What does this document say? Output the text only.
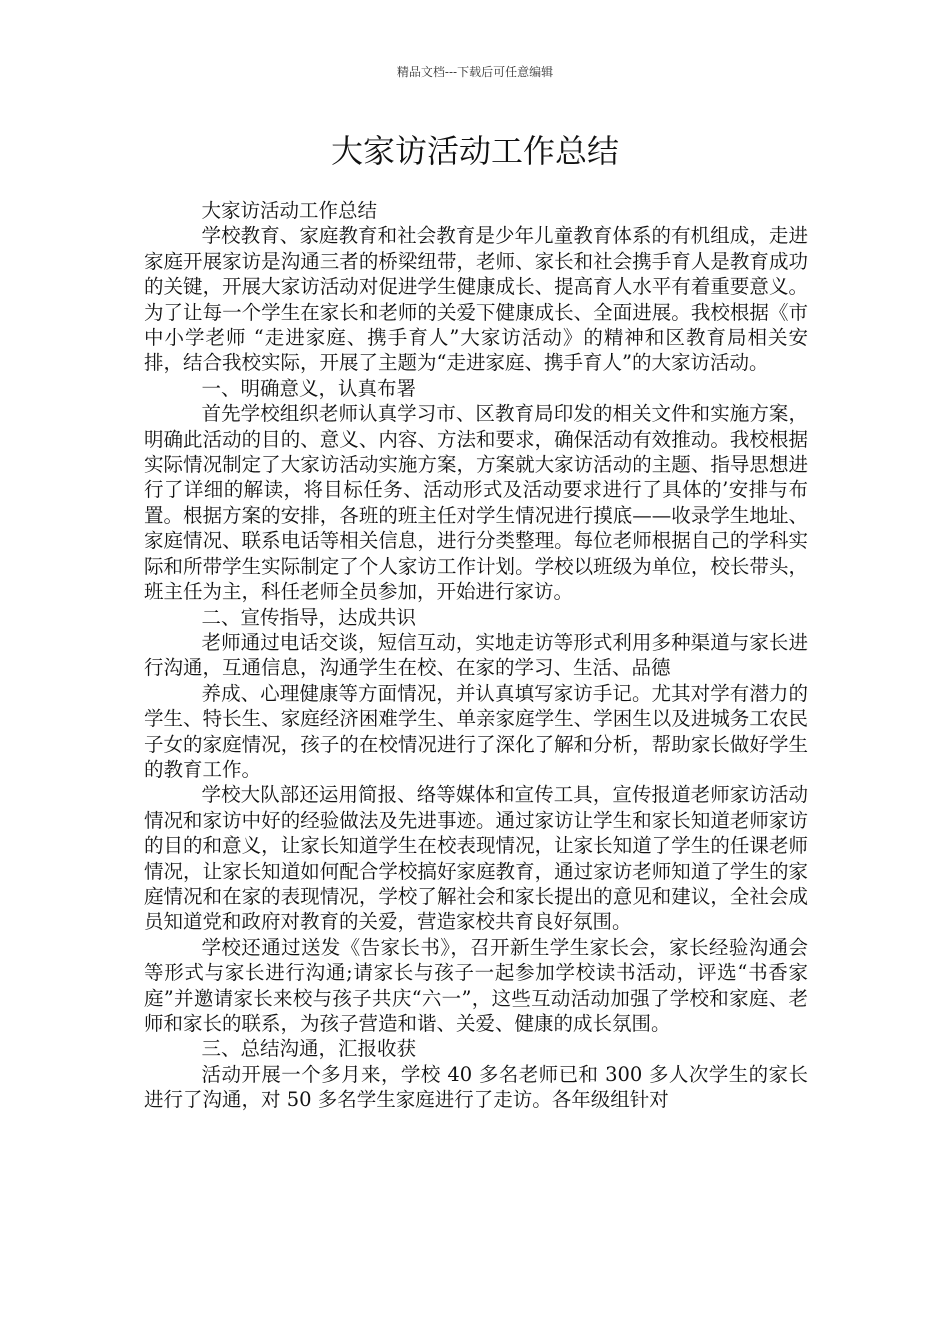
精品文档---下载后可任意编辑
大家访活动工作总结

大家访活动工作总结

学校教育、家庭教育和社会教育是少年儿童教育体系的有机组成，走进家庭开展家访是沟通三者的桥梁纽带，老师、家长和社会携手育人是教育成功的关键，开展大家访活动对促进学生健康成长、提高育人水平有着重要意义。为了让每一个学生在家长和老师的关爱下健康成长、全面进展。我校根据《市中小学老师 “走进家庭、携手育人”大家访活动》的精神和区教育局相关安排，结合我校实际，开展了主题为“走进家庭、携手育人”的大家访活动。

一、明确意义，认真布署

首先学校组织老师认真学习市、区教育局印发的相关文件和实施方案，明确此活动的目的、意义、内容、方法和要求，确保活动有效推动。我校根据实际情况制定了大家访活动实施方案，方案就大家访活动的主题、指导思想进行了详细的解读，将目标任务、活动形式及活动要求进行了具体的’安排与布置。根据方案的安排，各班的班主任对学生情况进行摸底——收录学生地址、家庭情况、联系电话等相关信息，进行分类整理。每位老师根据自己的学科实际和所带学生实际制定了个人家访工作计划。学校以班级为单位，校长带头，班主任为主，科任老师全员参加，开始进行家访。

二、宣传指导，达成共识

老师通过电话交谈，短信互动，实地走访等形式利用多种渠道与家长进行沟通，互通信息，沟通学生在校、在家的学习、生活、品德

养成、心理健康等方面情况，并认真填写家访手记。尤其对学有潜力的学生、特长生、家庭经济困难学生、单亲家庭学生、学困生以及进城务工农民子女的家庭情况，孩子的在校情况进行了深化了解和分析，帮助家长做好学生的教育工作。

学校大队部还运用简报、络等媒体和宣传工具，宣传报道老师家访活动情况和家访中好的经验做法及先进事迹。通过家访让学生和家长知道老师家访的目的和意义，让家长知道学生在校表现情况，让家长知道了学生的任课老师情况，让家长知道如何配合学校搞好家庭教育，通过家访老师知道了学生的家庭情况和在家的表现情况，学校了解社会和家长提出的意见和建议，全社会成员知道党和政府对教育的关爱，营造家校共育良好氛围。

学校还通过送发《告家长书》，召开新生学生家长会，家长经验沟通会等形式与家长进行沟通;请家长与孩子一起参加学校读书活动，评选“书香家庭”并邀请家长来校与孩子共庆“六一”，这些互动活动加强了学校和家庭、老师和家长的联系，为孩子营造和谐、关爱、健康的成长氛围。

三、总结沟通，汇报收获

活动开展一个多月来，学校 40 多名老师已和 300 多人次学生的家长进行了沟通，对 50 多名学生家庭进行了走访。各年级组针对
